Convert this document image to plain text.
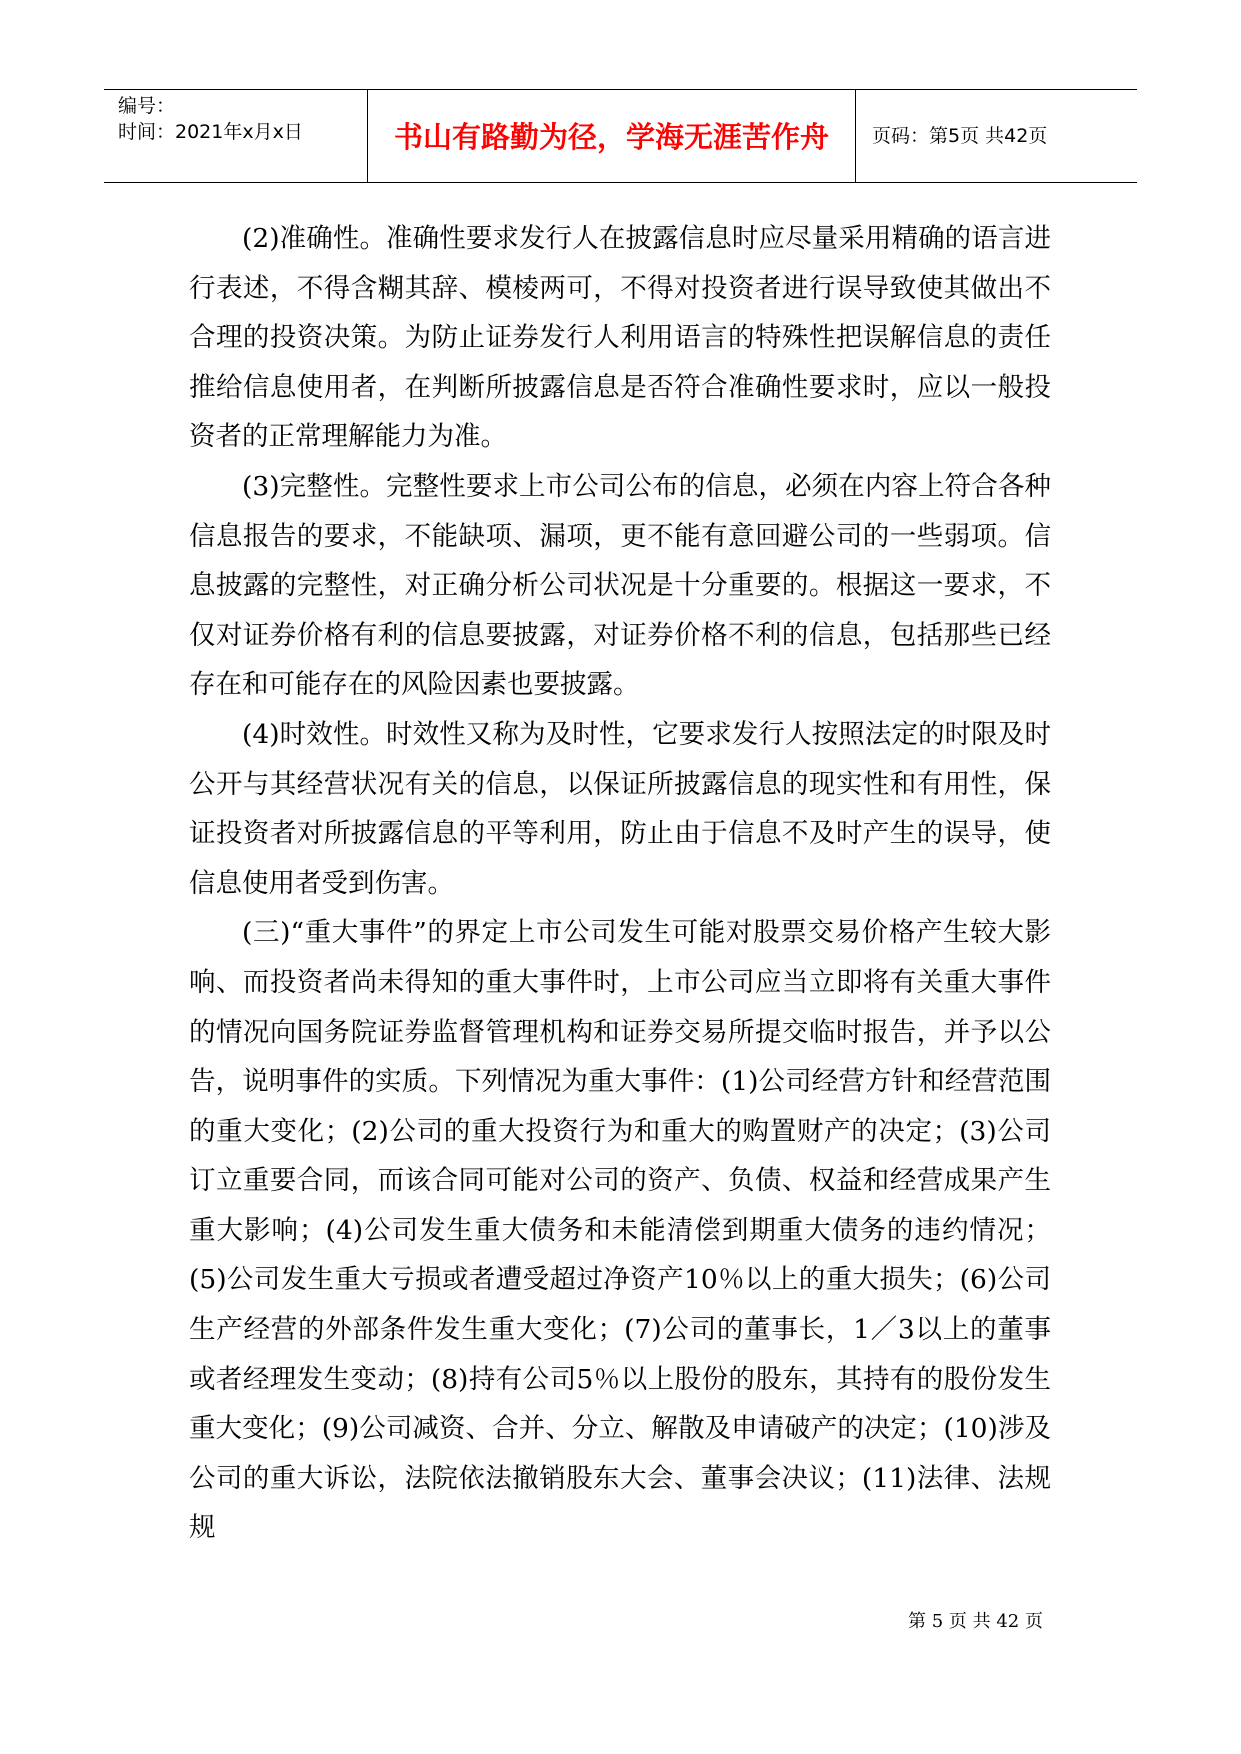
编号：
时间：2021年x月x日	书山有路勤为径，学海无涯苦作舟	页码：第5页 共42页

(2)准确性。准确性要求发行人在披露信息时应尽量采用精确的语言进行表述，不得含糊其辞、模棱两可，不得对投资者进行误导致使其做出不合理的投资决策。为防止证券发行人利用语言的特殊性把误解信息的责任推给信息使用者，在判断所披露信息是否符合准确性要求时，应以一般投资者的正常理解能力为准。

(3)完整性。完整性要求上市公司公布的信息，必须在内容上符合各种信息报告的要求，不能缺项、漏项，更不能有意回避公司的一些弱项。信息披露的完整性，对正确分析公司状况是十分重要的。根据这一要求，不仅对证券价格有利的信息要披露，对证券价格不利的信息，包括那些已经存在和可能存在的风险因素也要披露。

(4)时效性。时效性又称为及时性，它要求发行人按照法定的时限及时公开与其经营状况有关的信息，以保证所披露信息的现实性和有用性，保证投资者对所披露信息的平等利用，防止由于信息不及时产生的误导，使信息使用者受到伤害。

(三)“重大事件”的界定上市公司发生可能对股票交易价格产生较大影响、而投资者尚未得知的重大事件时，上市公司应当立即将有关重大事件的情况向国务院证券监督管理机构和证券交易所提交临时报告，并予以公告，说明事件的实质。下列情况为重大事件：(1)公司经营方针和经营范围的重大变化；(2)公司的重大投资行为和重大的购置财产的决定；(3)公司订立重要合同，而该合同可能对公司的资产、负债、权益和经营成果产生重大影响；(4)公司发生重大债务和未能清偿到期重大债务的违约情况；(5)公司发生重大亏损或者遭受超过净资产10％以上的重大损失；(6)公司生产经营的外部条件发生重大变化；(7)公司的董事长，1／3以上的董事或者经理发生变动；(8)持有公司5％以上股份的股东，其持有的股份发生重大变化；(9)公司减资、合并、分立、解散及申请破产的决定；(10)涉及公司的重大诉讼，法院依法撤销股东大会、董事会决议；(11)法律、法规规

第 5 页 共 42 页
